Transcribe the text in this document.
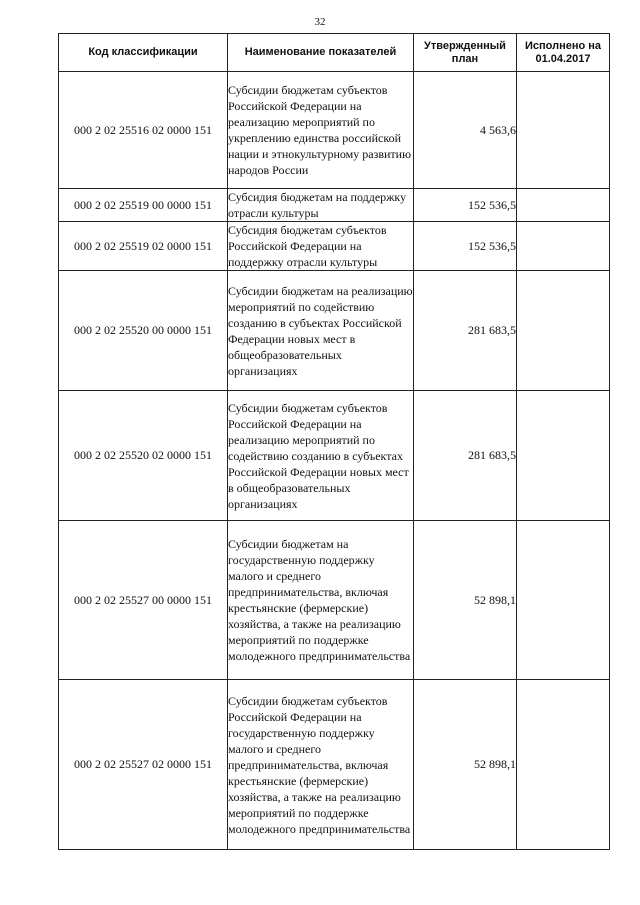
32
Код классификации	Наименование показателей	Утвержденный план	Исполнено на 01.04.2017
000 2 02 25516 02 0000 151	Субсидии бюджетам субъектов Российской Федерации на реализацию мероприятий по укреплению единства российской нации и этнокультурному развитию народов России	4 563,6	
000 2 02 25519 00 0000 151	Субсидия бюджетам на поддержку отрасли культуры	152 536,5	
000 2 02 25519 02 0000 151	Субсидия бюджетам субъектов Российской Федерации на поддержку отрасли культуры	152 536,5	
000 2 02 25520 00 0000 151	Субсидии бюджетам на реализацию мероприятий по содействию созданию в субъектах Российской Федерации новых мест в общеобразовательных организациях	281 683,5	
000 2 02 25520 02 0000 151	Субсидии бюджетам субъектов Российской Федерации на реализацию мероприятий по содействию созданию в субъектах Российской Федерации новых мест в общеобразовательных организациях	281 683,5	
000 2 02 25527 00 0000 151	Субсидии бюджетам на государственную поддержку малого и среднего предпринимательства, включая крестьянские (фермерские) хозяйства, а также на реализацию мероприятий по поддержке молодежного предпринимательства	52 898,1	
000 2 02 25527 02 0000 151	Субсидии бюджетам субъектов Российской Федерации на государственную поддержку малого и среднего предпринимательства, включая крестьянские (фермерские) хозяйства, а также на реализацию мероприятий по поддержке молодежного предпринимательства	52 898,1	
